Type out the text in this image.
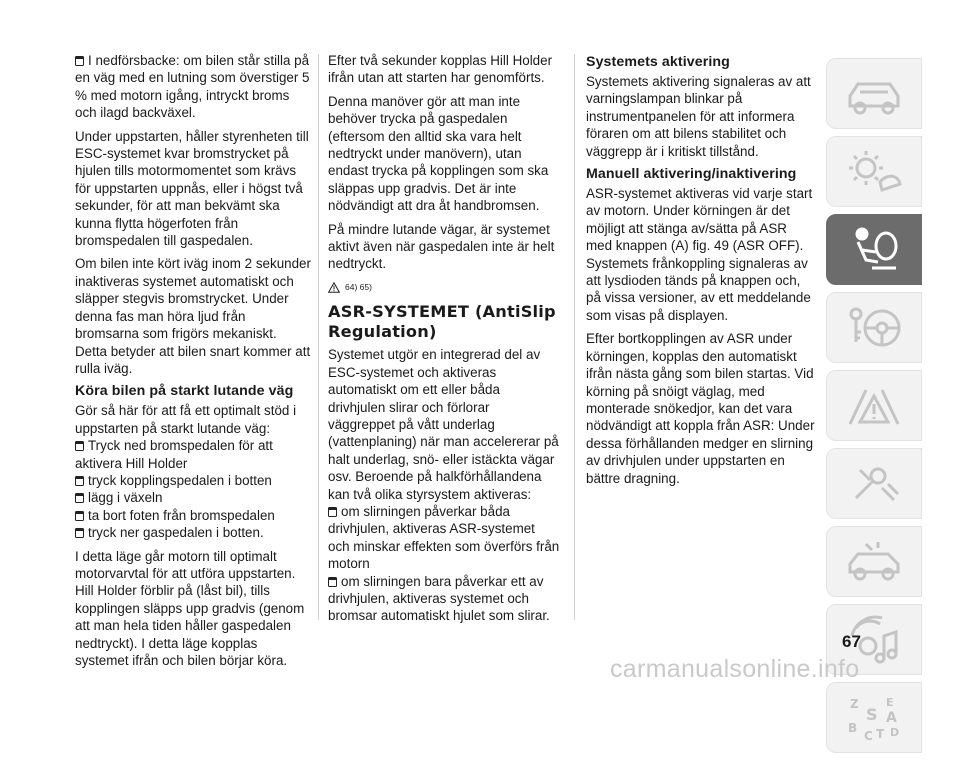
I nedförsbacke: om bilen står stilla på en väg med en lutning som överstiger 5 % med motorn igång, intryckt broms och ilagd backväxel.

Under uppstarten, håller styrenheten till ESC-systemet kvar bromstrycket på hjulen tills motormomentet som krävs för uppstarten uppnås, eller i högst två sekunder, för att man bekvämt ska kunna flytta högerfoten från bromspedalen till gaspedalen.

Om bilen inte kört iväg inom 2 sekunder inaktiveras systemet automatiskt och släpper stegvis bromstrycket. Under denna fas man höra ljud från bromsarna som frigörs mekaniskt. Detta betyder att bilen snart kommer att rulla iväg.

Köra bilen på starkt lutande väg

Gör så här för att få ett optimalt stöd i uppstarten på starkt lutande väg:

Tryck ned bromspedalen för att aktivera Hill Holder
tryck kopplingspedalen i botten
lägg i växeln
ta bort foten från bromspedalen
tryck ner gaspedalen i botten.

I detta läge går motorn till optimalt motorvarvtal för att utföra uppstarten. Hill Holder förblir på (låst bil), tills kopplingen släpps upp gradvis (genom att man hela tiden håller gaspedalen nedtryckt). I detta läge kopplas systemet ifrån och bilen börjar köra.

Efter två sekunder kopplas Hill Holder ifrån utan att starten har genomförts.

Denna manöver gör att man inte behöver trycka på gaspedalen (eftersom den alltid ska vara helt nedtryckt under manövern), utan endast trycka på kopplingen som ska släppas upp gradvis. Det är inte nödvändigt att dra åt handbromsen.

På mindre lutande vägar, är systemet aktivt även när gaspedalen inte är helt nedtryckt.

64) 65)
ASR-SYSTEMET (AntiSlip Regulation)

Systemet utgör en integrerad del av ESC-systemet och aktiveras automatiskt om ett eller båda drivhjulen slirar och förlorar väggreppet på vått underlag (vattenplaning) när man accelererar på halt underlag, snö- eller istäckta vägar osv. Beroende på halkförhållandena kan två olika styrsystem aktiveras:

om slirningen påverkar båda drivhjulen, aktiveras ASR-systemet och minskar effekten som överförs från motorn
om slirningen bara påverkar ett av drivhjulen, aktiveras systemet och bromsar automatiskt hjulet som slirar.
Systemets aktivering

Systemets aktivering signaleras av att varningslampan blinkar på instrumentpanelen för att informera föraren om att bilens stabilitet och väggrepp är i kritiskt tillstånd.

Manuell aktivering/inaktivering

ASR-systemet aktiveras vid varje start av motorn. Under körningen är det möjligt att stänga av/sätta på ASR med knappen (A) fig. 49 (ASR OFF). Systemets frånkoppling signaleras av att lysdioden tänds på knappen och, på vissa versioner, av ett meddelande som visas på displayen.

Efter bortkopplingen av ASR under körningen, kopplas den automatiskt ifrån nästa gång som bilen startas. Vid körning på snöigt väglag, med monterade snökedjor, kan det vara nödvändigt att koppla från ASR: Under dessa förhållanden medger en slirning av drivhjulen under uppstarten en bättre dragning.

Z E
S A
B
C T D
67
carmanualsonline.info
